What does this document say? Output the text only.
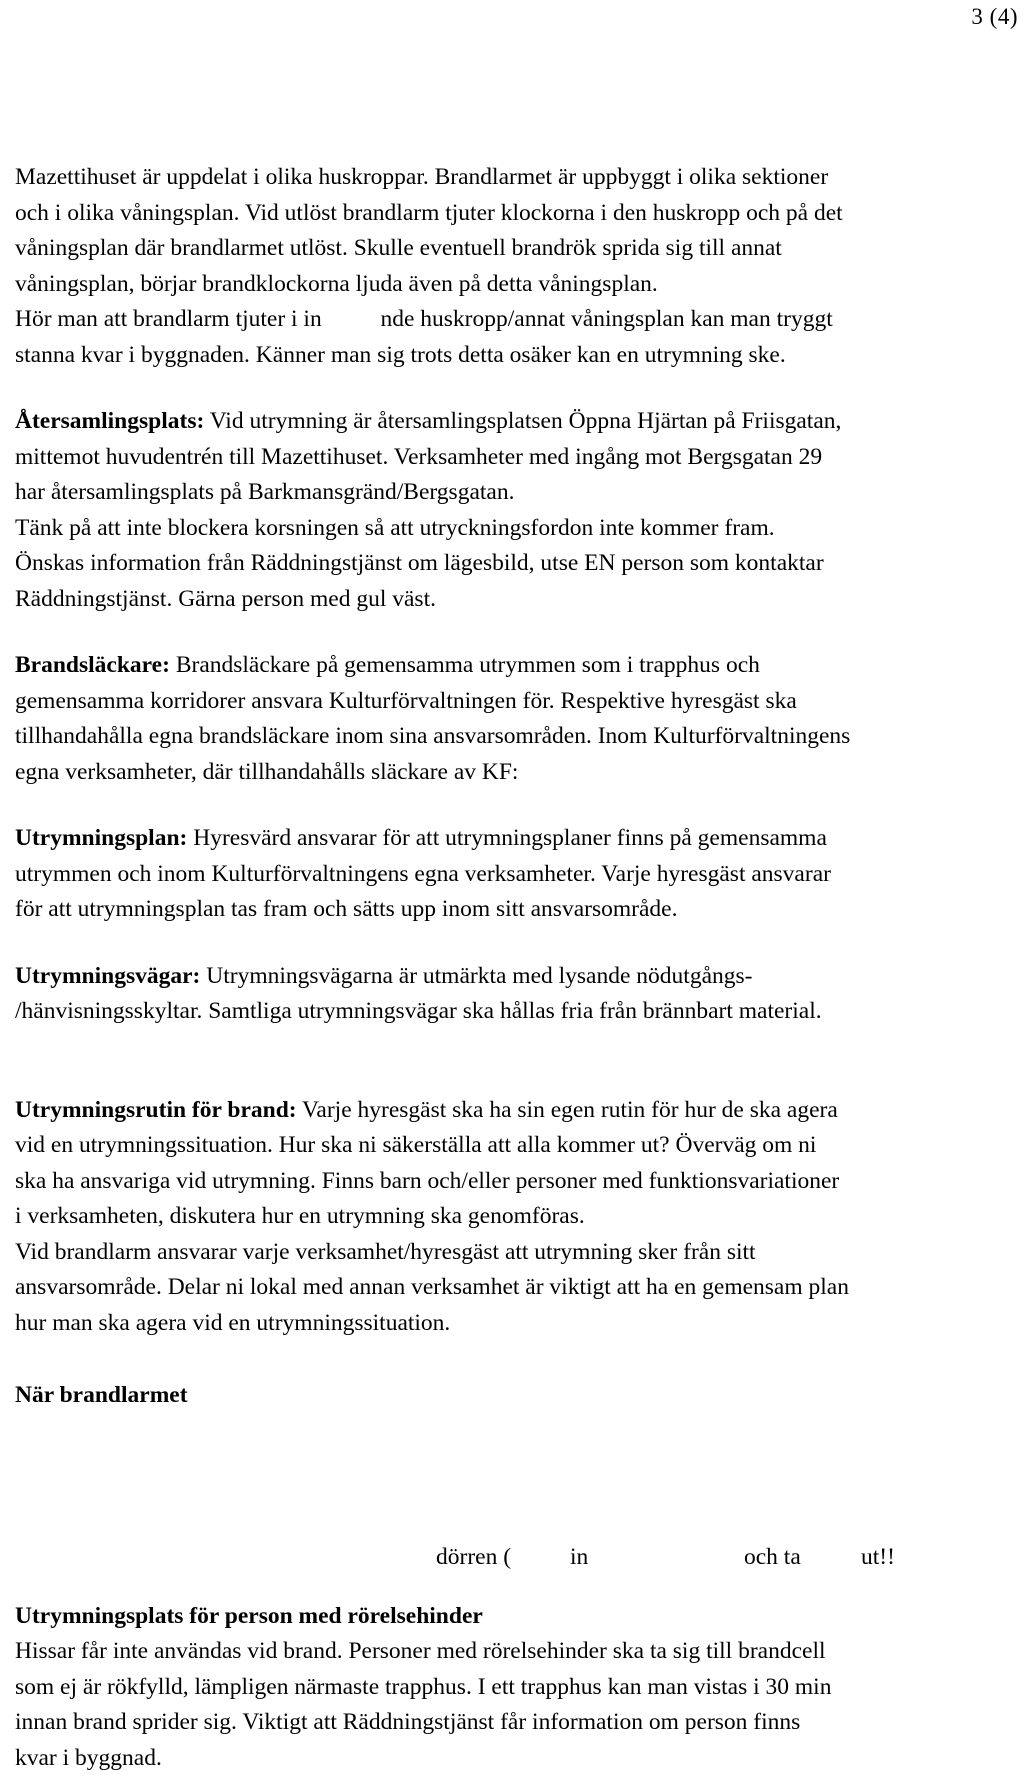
3 (4)

Mazettihuset är uppdelat i olika huskroppar. Brandlarmet är uppbyggt i olika sektioner

och i olika våningsplan. Vid utlöst brandlarm tjuter klockorna i den huskropp och på det

våningsplan där brandlarmet utlöst. Skulle eventuell brandrök sprida sig till annat

våningsplan, börjar brandklockorna ljuda även på detta våningsplan.

Hör man att brandlarm tjuter i in          nde huskropp/annat våningsplan kan man tryggt

stanna kvar i byggnaden. Känner man sig trots detta osäker kan en utrymning ske.

Återsamlingsplats: Vid utrymning är återsamlingsplatsen Öppna Hjärtan på Friisgatan,

mittemot huvudentrén till Mazettihuset. Verksamheter med ingång mot Bergsgatan 29

har återsamlingsplats på Barkmansgränd/Bergsgatan.

Tänk på att inte blockera korsningen så att utryckningsfordon inte kommer fram.

Önskas information från Räddningstjänst om lägesbild, utse EN person som kontaktar

Räddningstjänst. Gärna person med gul väst.

Brandsläckare: Brandsläckare på gemensamma utrymmen som i trapphus och

gemensamma korridorer ansvara Kulturförvaltningen för. Respektive hyresgäst ska

tillhandahålla egna brandsläckare inom sina ansvarsområden. Inom Kulturförvaltningens

egna verksamheter, där tillhandahålls släckare av KF:

Utrymningsplan: Hyresvärd ansvarar för att utrymningsplaner finns på gemensamma

utrymmen och inom Kulturförvaltningens egna verksamheter. Varje hyresgäst ansvarar

för att utrymningsplan tas fram och sätts upp inom sitt ansvarsområde.

Utrymningsvägar: Utrymningsvägarna är utmärkta med lysande nödutgångs-

/hänvisningsskyltar. Samtliga utrymningsvägar ska hållas fria från brännbart material.

Utrymningsrutin för brand: Varje hyresgäst ska ha sin egen rutin för hur de ska agera

vid en utrymningssituation. Hur ska ni säkerställa att alla kommer ut? Överväg om ni

ska ha ansvariga vid utrymning. Finns barn och/eller personer med funktionsvariationer

i verksamheten, diskutera hur en utrymning ska genomföras.

Vid brandlarm ansvarar varje verksamhet/hyresgäst att utrymning sker från sitt

ansvarsområde. Delar ni lokal med annan verksamhet är viktigt att ha en gemensam plan

hur man ska agera vid en utrymningssituation.

När brandlarmet

dörren (	in	och ta	ut!!

Utrymningsplats för person med rörelsehinder

Hissar får inte användas vid brand. Personer med rörelsehinder ska ta sig till brandcell

som ej är rökfylld, lämpligen närmaste trapphus. I ett trapphus kan man vistas i 30 min

innan brand sprider sig. Viktigt att Räddningstjänst får information om person finns

kvar i byggnad.
